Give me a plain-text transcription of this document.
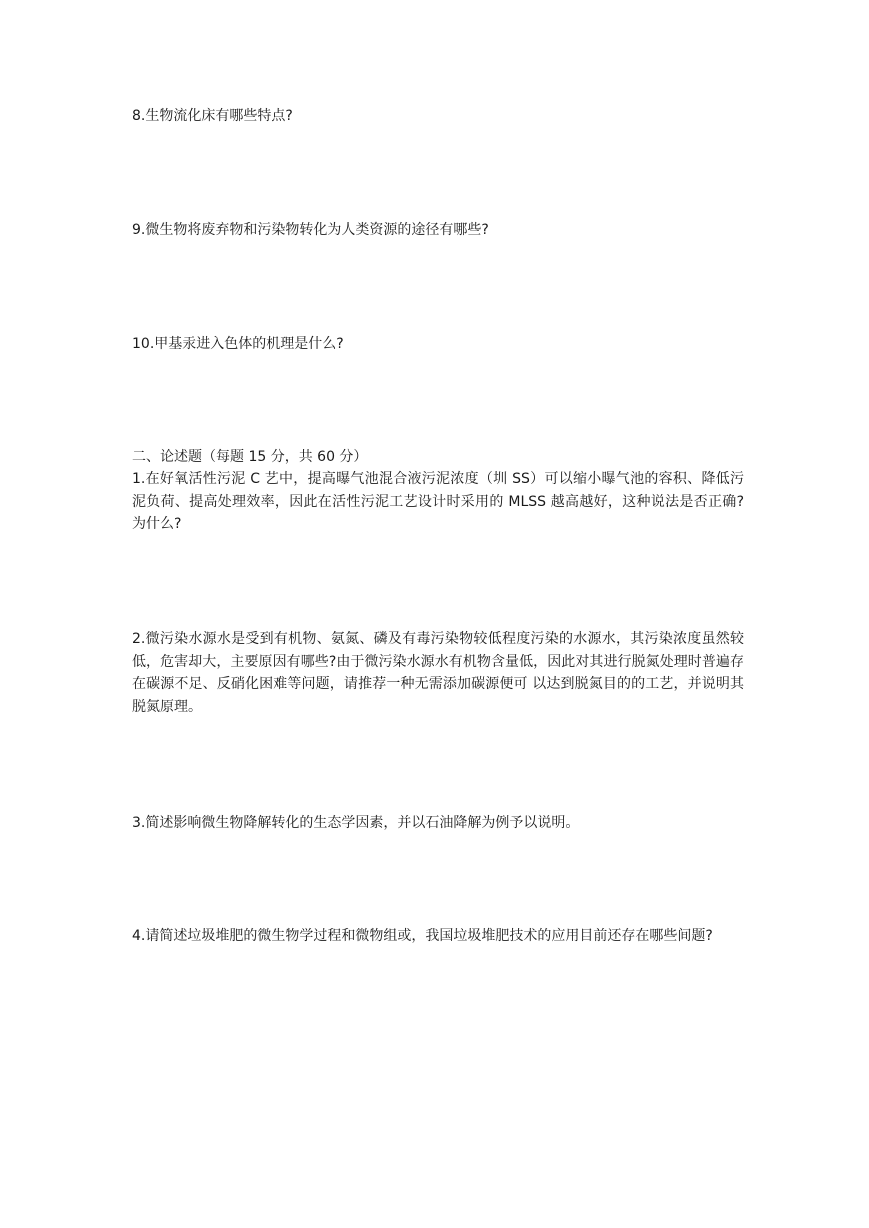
8.生物流化床有哪些特点?
9.微生物将废弃物和污染物转化为人类资源的途径有哪些?
10.甲基汞进入色体的机理是什么?
二、论述题（每题 15 分，共 60 分）
1.在好氧活性污泥 C 艺中，提高曝气池混合液污泥浓度（圳 SS）可以缩小曝气池的容积、降低污泥负荷、提高处理效率，因此在活性污泥工艺设计时采用的 MLSS 越高越好，这种说法是否正确?为什么?
2.微污染水源水是受到有机物、氨氮、磷及有毒污染物较低程度污染的水源水，其污染浓度虽然较低，危害却大，主要原因有哪些?由于微污染水源水有机物含量低，因此对其进行脱氮处理时普遍存在碳源不足、反硝化困难等问题，请推荐一种无需添加碳源便可 以达到脱氮目的的工艺，并说明其脱氮原理。
3.简述影响微生物降解转化的生态学因素，并以石油降解为例予以说明。
4.请简述垃圾堆肥的微生物学过程和微物组或，我国垃圾堆肥技术的应用目前还存在哪些间题?
